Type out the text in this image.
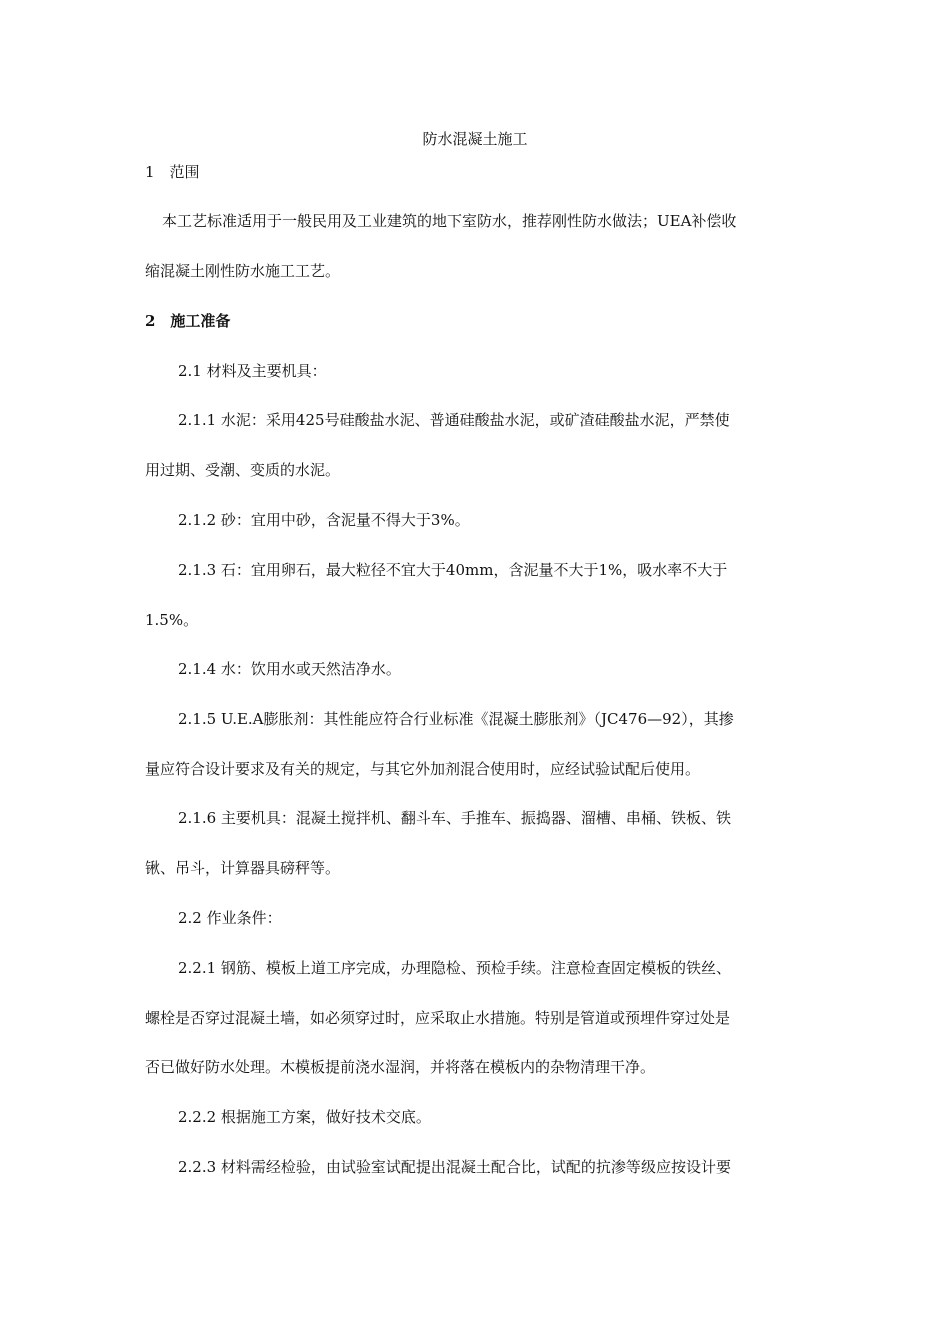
防水混凝土施工
1　范围
本工艺标准适用于一般民用及工业建筑的地下室防水，推荐刚性防水做法；UEA补偿收
缩混凝土刚性防水施工工艺。
2　施工准备
2.1 材料及主要机具：
2.1.1 水泥：采用425号硅酸盐水泥、普通硅酸盐水泥，或矿渣硅酸盐水泥，严禁使
用过期、受潮、变质的水泥。
2.1.2 砂：宜用中砂，含泥量不得大于3%。
2.1.3 石：宜用卵石，最大粒径不宜大于40mm，含泥量不大于1%，吸水率不大于
1.5%。
2.1.4 水：饮用水或天然洁净水。
2.1.5 U.E.A膨胀剂：其性能应符合行业标准《混凝土膨胀剂》（JC476—92），其掺
量应符合设计要求及有关的规定，与其它外加剂混合使用时，应经试验试配后使用。
2.1.6 主要机具：混凝土搅拌机、翻斗车、手推车、振捣器、溜槽、串桶、铁板、铁
锹、吊斗，计算器具磅秤等。
2.2 作业条件：
2.2.1 钢筋、模板上道工序完成，办理隐检、预检手续。注意检查固定模板的铁丝、
螺栓是否穿过混凝土墙，如必须穿过时，应采取止水措施。特别是管道或预埋件穿过处是
否已做好防水处理。木模板提前浇水湿润，并将落在模板内的杂物清理干净。
2.2.2 根据施工方案，做好技术交底。
2.2.3 材料需经检验，由试验室试配提出混凝土配合比，试配的抗渗等级应按设计要
